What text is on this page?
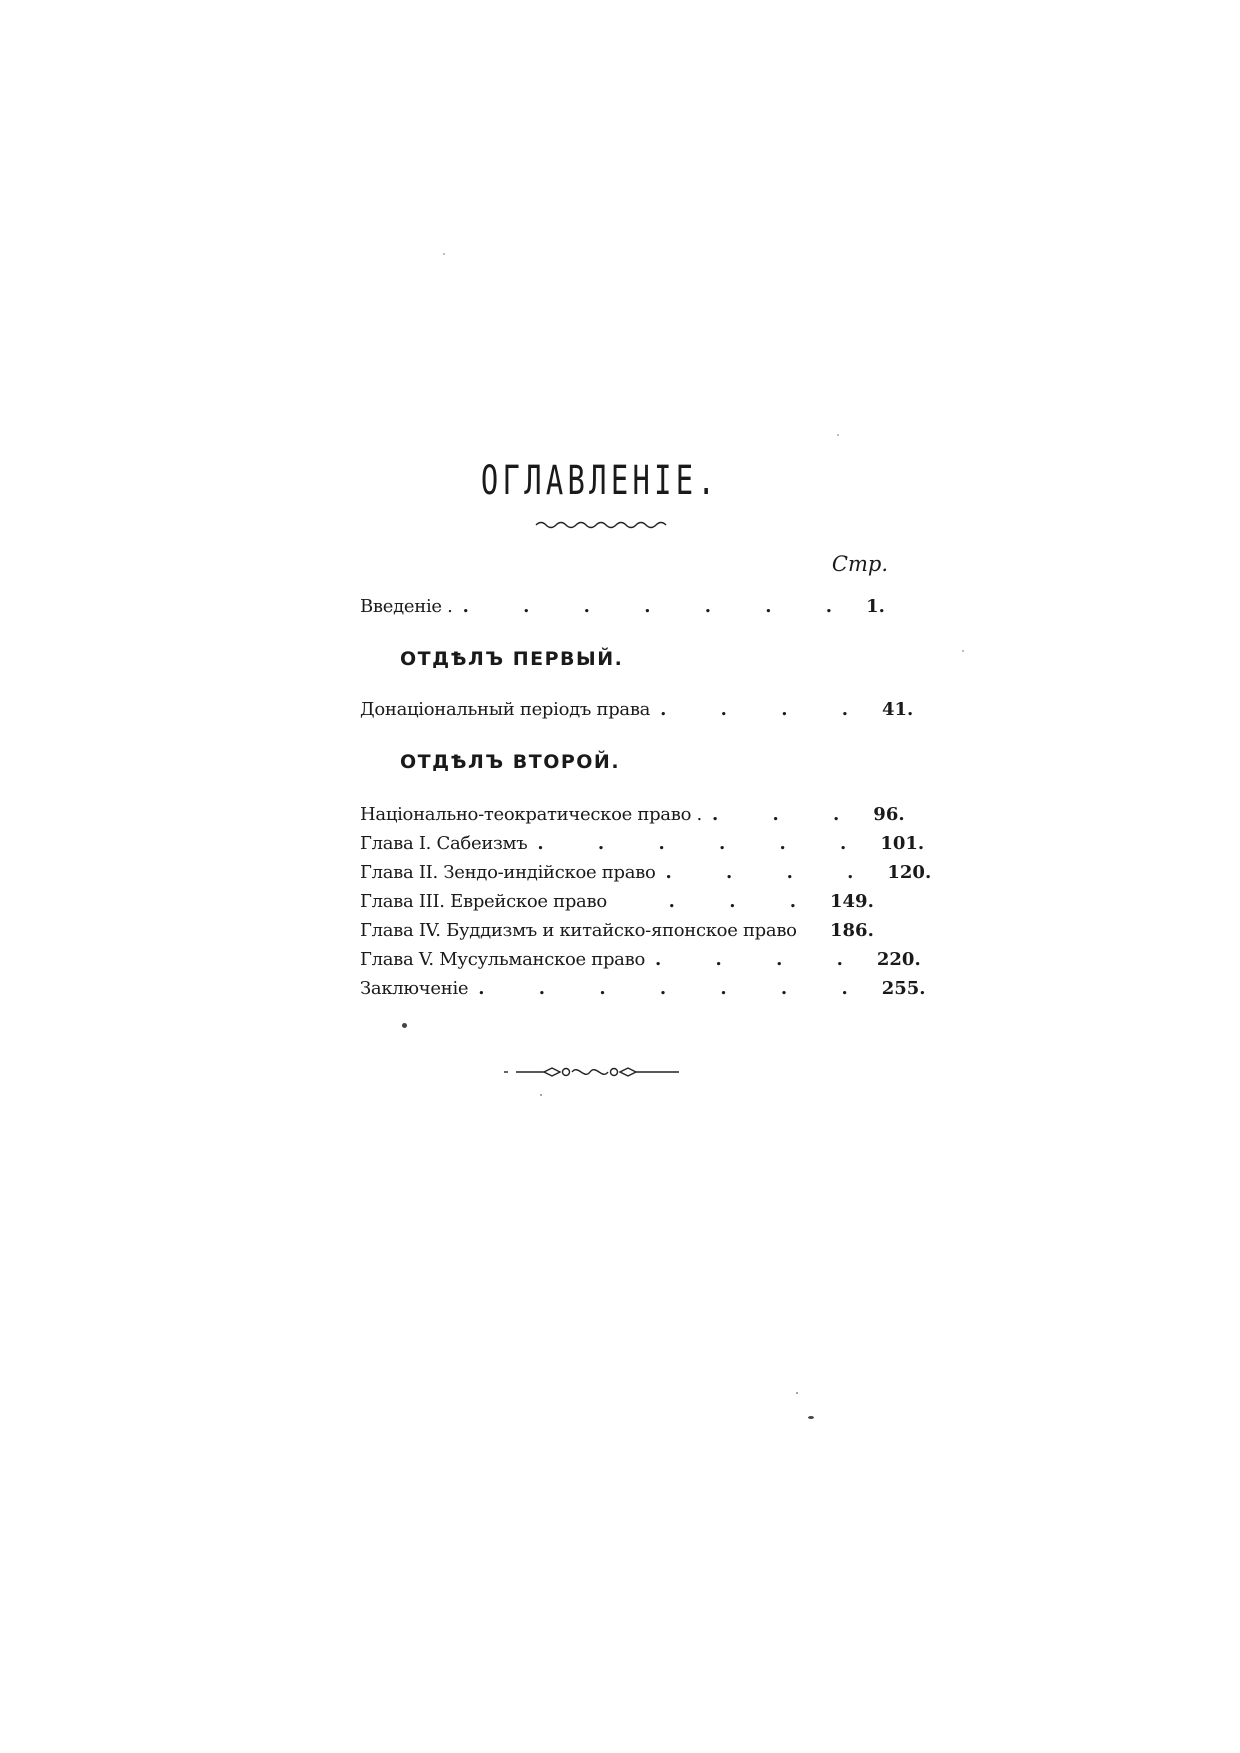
ОГЛАВЛЕНІЕ.
Стр.
Введеніе . . . . . . . . 1.
ОТДѢЛЪ ПЕРВЫЙ.
Донаціональный періодъ права . . . . 41.
ОТДѢЛЪ ВТОРОЙ.
Національно-теократическое право . . . . 96.
Глава I. Сабеизмъ . . . . . . 101.
Глава II. Зендо-индійское право . . . . 120.
Глава III. Еврейское право	. . . 149.
Глава IV. Буддизмъ и китайско-японское право 186.
Глава V. Мусульманское право . . . . 220.
Заключеніе . . . . . . . 255.
